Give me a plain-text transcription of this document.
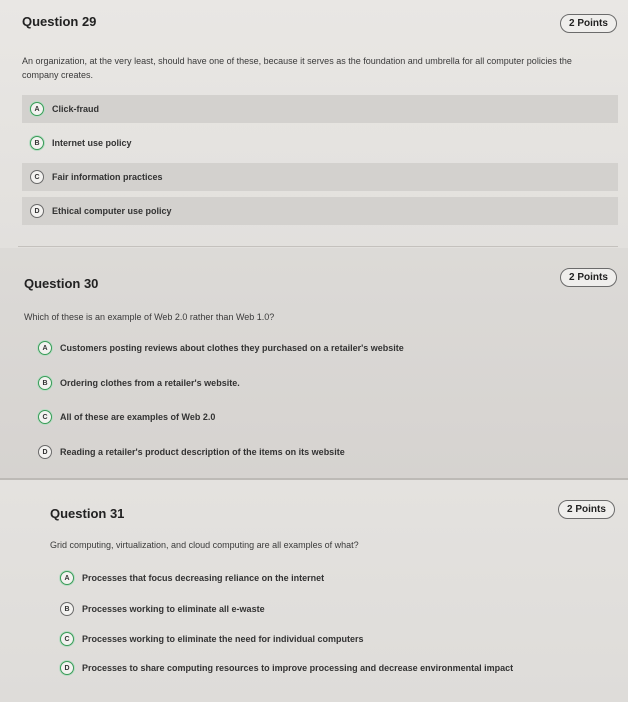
Question 29	2 Points
An organization, at the very least, should have one of these, because it serves as the foundation and umbrella for all computer policies the company creates.
A	Click-fraud
B	Internet use policy
C	Fair information practices
D	Ethical computer use policy
Question 30	2 Points
Which of these is an example of Web 2.0 rather than Web 1.0?
A	Customers posting reviews about clothes they purchased on a retailer's website
B	Ordering clothes from a retailer's website.
C	All of these are examples of Web 2.0
D	Reading a retailer's product description of the items on its website
Question 31	2 Points
Grid computing, virtualization, and cloud computing are all examples of what?
A	Processes that focus decreasing reliance on the internet
B	Processes working to eliminate all e-waste
C	Processes working to eliminate the need for individual computers
D	Processes to share computing resources to improve processing and decrease environmental impact
